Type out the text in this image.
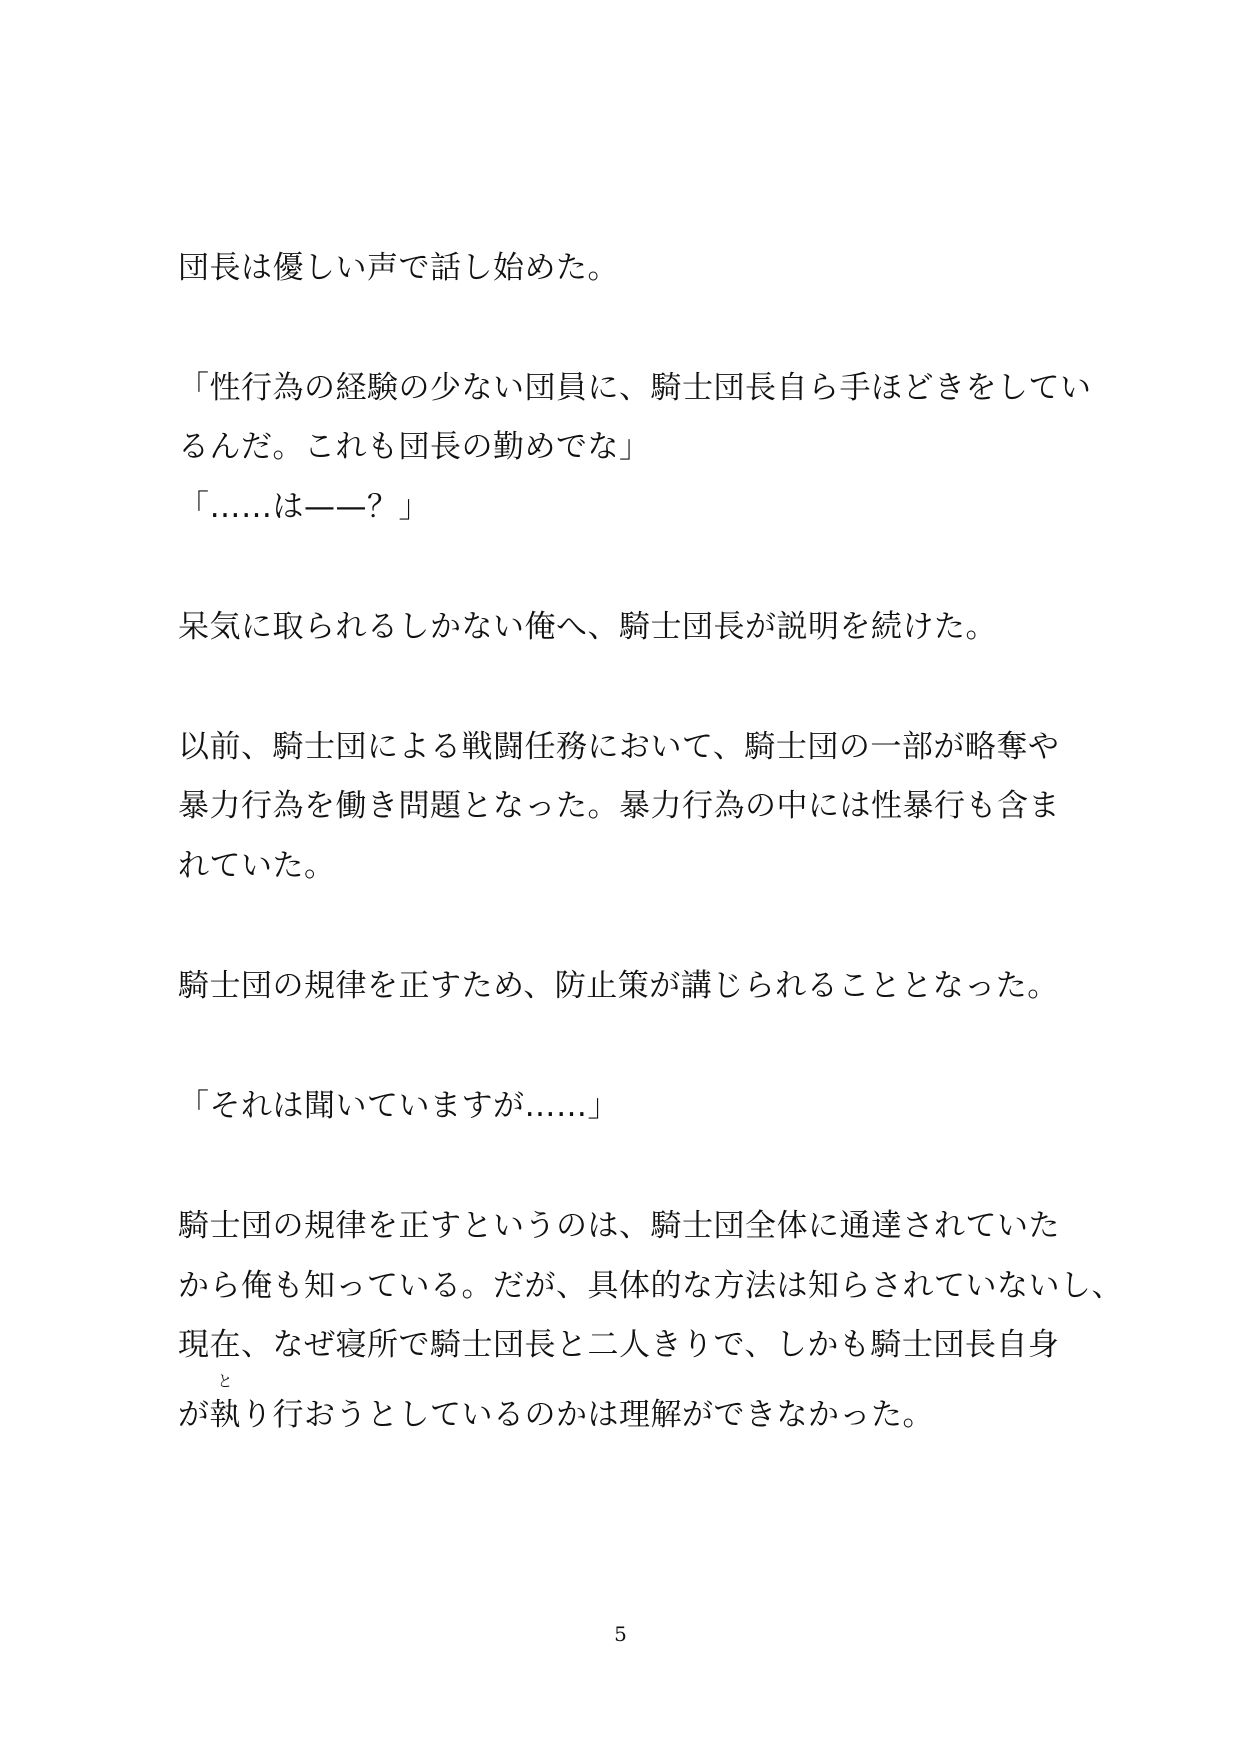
団長は優しい声で話し始めた。
「性行為の経験の少ない団員に、騎士団長自ら手ほどきをしてい
るんだ。これも団長の勤めでな」
「……は——？」
呆気に取られるしかない俺へ、騎士団長が説明を続けた。
以前、騎士団による戦闘任務において、騎士団の一部が略奪や
暴力行為を働き問題となった。暴力行為の中には性暴行も含ま
れていた。
騎士団の規律を正すため、防止策が講じられることとなった。
「それは聞いていますが……」
騎士団の規律を正すというのは、騎士団全体に通達されていた
から俺も知っている。だが、具体的な方法は知らされていないし、
現在、なぜ寝所で騎士団長と二人きりで、しかも騎士団長自身
が
と
執り行おうとしているのかは理解ができなかった。
5
